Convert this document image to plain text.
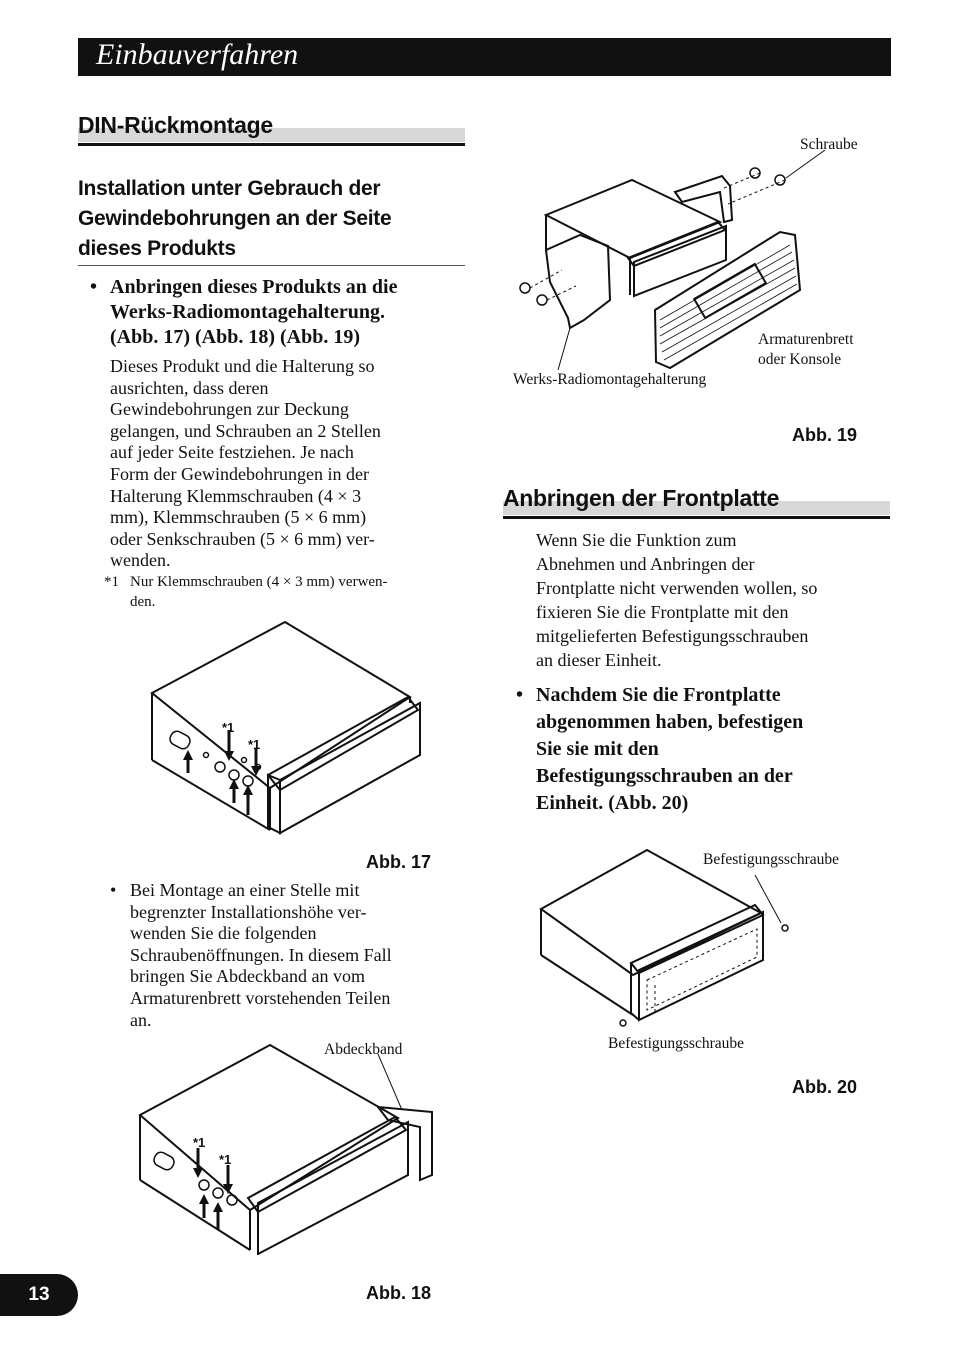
Einbauverfahren
DIN-Rückmontage
Installation unter Gebrauch der
Gewindebohrungen an der Seite
dieses Produkts
• Anbringen dieses Produkts an die
Werks-Radiomontagehalterung.
(Abb. 17) (Abb. 18) (Abb. 19)
Dieses Produkt und die Halterung so
ausrichten, dass deren
Gewindebohrungen zur Deckung
gelangen, und Schrauben an 2 Stellen
auf jeder Seite festziehen. Je nach
Form der Gewindebohrungen in der
Halterung Klemmschrauben (4 × 3
mm), Klemmschrauben (5 × 6 mm)
oder Senkschrauben (5 × 6 mm) ver-
wenden.
*1 Nur Klemmschrauben (4 × 3 mm) verwen-
den.
*1
*1
Abb. 17
• Bei Montage an einer Stelle mit
begrenzter Installationshöhe ver-
wenden Sie die folgenden
Schraubenöffnungen. In diesem Fall
bringen Sie Abdeckband an vom
Armaturenbrett vorstehenden Teilen
an.
Abdeckband
*1
*1
Abb. 18
Schraube
Armaturenbrett
oder Konsole
Werks-Radiomontagehalterung
Abb. 19
Anbringen der Frontplatte
Wenn Sie die Funktion zum
Abnehmen und Anbringen der
Frontplatte nicht verwenden wollen, so
fixieren Sie die Frontplatte mit den
mitgelieferten Befestigungsschrauben
an dieser Einheit.
• Nachdem Sie die Frontplatte
abgenommen haben, befestigen
Sie sie mit den
Befestigungsschrauben an der
Einheit. (Abb. 20)
Befestigungsschraube
Befestigungsschraube
Abb. 20
13
